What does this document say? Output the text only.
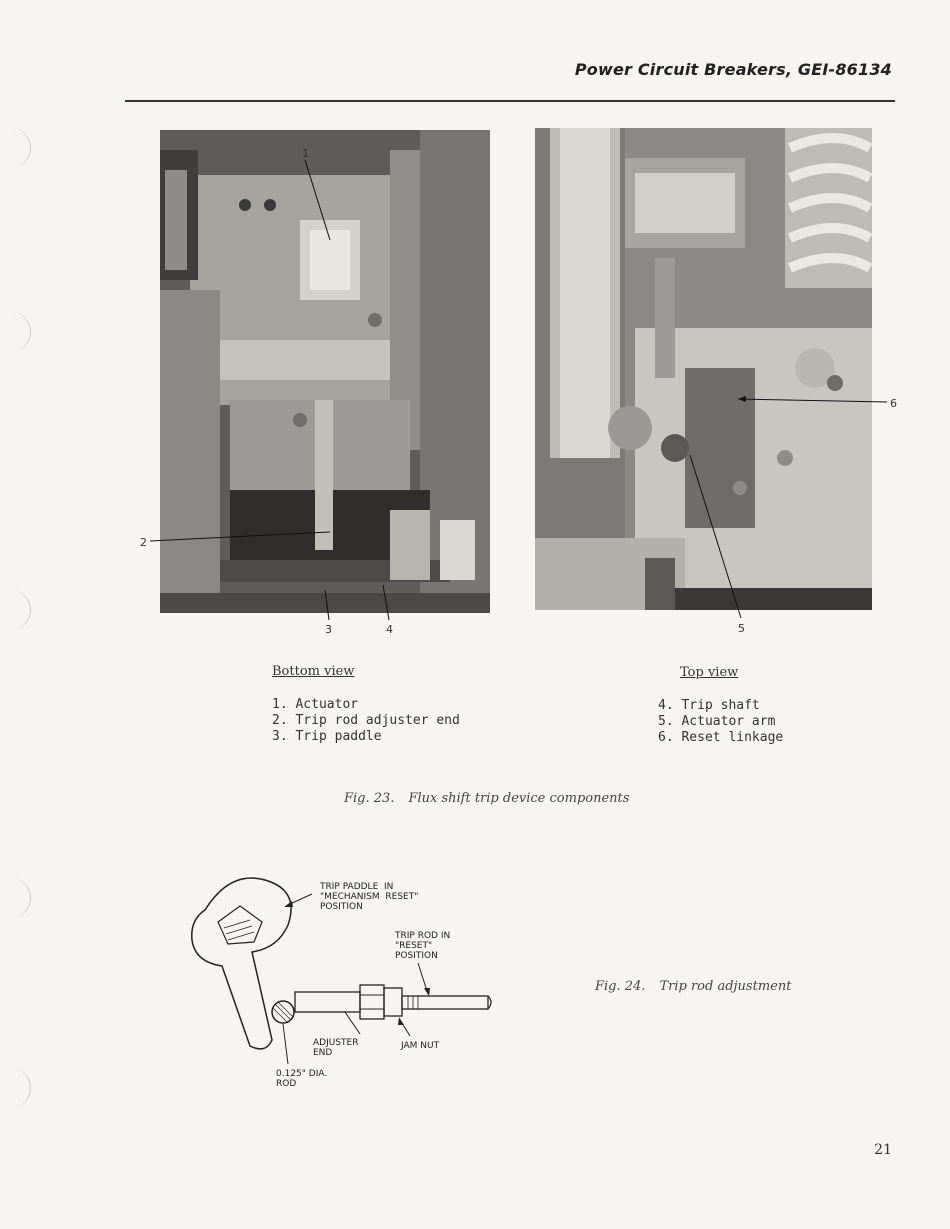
Power Circuit Breakers, GEI-86134
1
2
3	4	5
6
Bottom view
1. Actuator
2. Trip rod adjuster end
3. Trip paddle
Top view
4. Trip shaft
5. Actuator arm
6. Reset linkage
Fig. 23. Flux shift trip device components
TRIP PADDLE  IN
"MECHANISM  RESET"
POSITION
TRIP ROD IN
"RESET"
POSITION
ADJUSTER
END
JAM NUT
0.125" DIA.
ROD
Fig. 24. Trip rod adjustment
21
